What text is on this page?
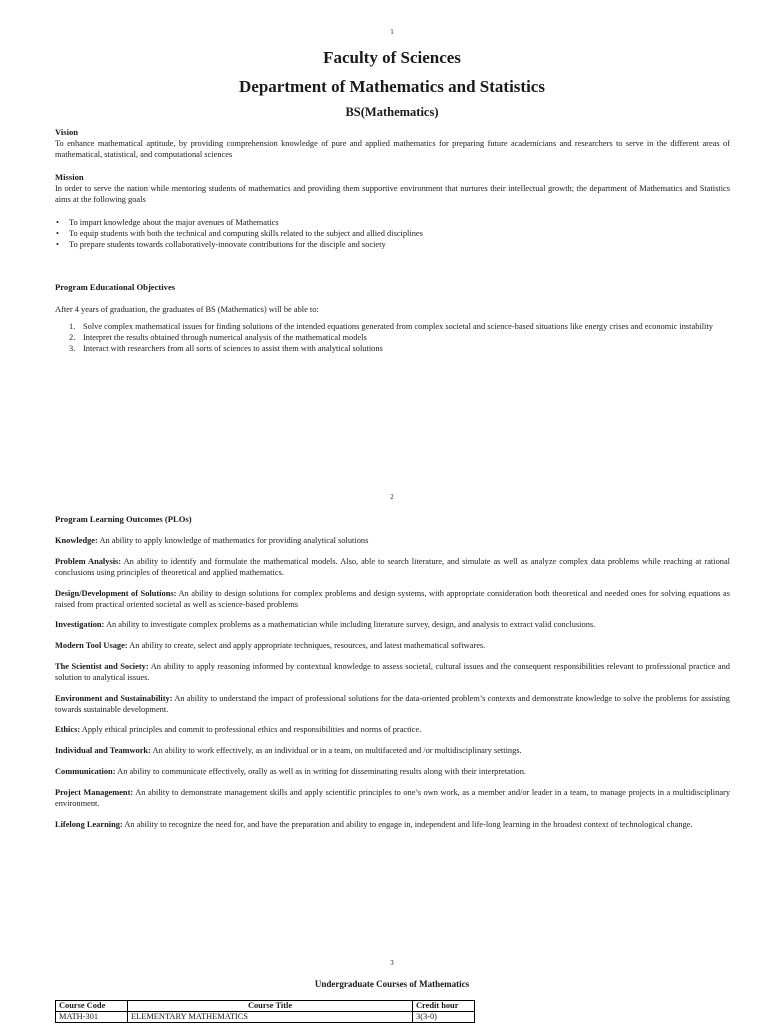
1
Faculty of Sciences
Department of Mathematics and Statistics
BS(Mathematics)
Vision
To enhance mathematical aptitude, by providing comprehension knowledge of pure and applied mathematics for preparing future academicians and researchers to serve in the different areas of mathematical, statistical, and computational sciences
Mission
In order to serve the nation while mentoring students of mathematics and providing them supportive environment that nurtures their intellectual growth; the department of Mathematics and Statistics aims at the following goals
• To impart knowledge about the major avenues of Mathematics
• To equip students with both the technical and computing skills related to the subject and allied disciplines
• To prepare students towards collaboratively-innovate contributions for the disciple and society
Program Educational Objectives
After 4 years of graduation, the graduates of BS (Mathematics) will be able to:
1. Solve complex mathematical issues for finding solutions of the intended equations generated from complex societal and science-based situations like energy crises and economic instability
2. Interpret the results obtained through numerical analysis of the mathematical models
3. Interact with researchers from all sorts of sciences to assist them with analytical solutions
2
Program Learning Outcomes (PLOs)
Knowledge: An ability to apply knowledge of mathematics for providing analytical solutions
Problem Analysis: An ability to identify and formulate the mathematical models. Also, able to search literature, and simulate as well as analyze complex data problems while reaching at rational conclusions using principles of theoretical and applied mathematics.
Design/Development of Solutions: An ability to design solutions for complex problems and design systems, with appropriate consideration both theoretical and needed ones for solving equations as raised from practical oriented societal as well as science-based problems
Investigation: An ability to investigate complex problems as a mathematician while including literature survey, design, and analysis to extract valid conclusions.
Modern Tool Usage: An ability to create, select and apply appropriate techniques, resources, and latest mathematical softwares.
The Scientist and Society: An ability to apply reasoning informed by contextual knowledge to assess societal, cultural issues and the consequent responsibilities relevant to professional practice and solution to analytical issues.
Environment and Sustainability: An ability to understand the impact of professional solutions for the data-oriented problem’s contexts and demonstrate knowledge to solve the problems for assisting towards sustainable development.
Ethics: Apply ethical principles and commit to professional ethics and responsibilities and norms of practice.
Individual and Teamwork: An ability to work effectively, as an individual or in a team, on multifaceted and /or multidisciplinary settings.
Communication: An ability to communicate effectively, orally as well as in writing for disseminating results along with their interpretation.
Project Management: An ability to demonstrate management skills and apply scientific principles to one’s own work, as a member and/or leader in a team, to manage projects in a multidisciplinary environment.
Lifelong Learning: An ability to recognize the need for, and have the preparation and ability to engage in, independent and life-long learning in the broadest context of technological change.
3
Undergraduate Courses of Mathematics
Course Code	Course Title	Credit hour
MATH-301	ELEMENTARY MATHEMATICS	3(3-0)
